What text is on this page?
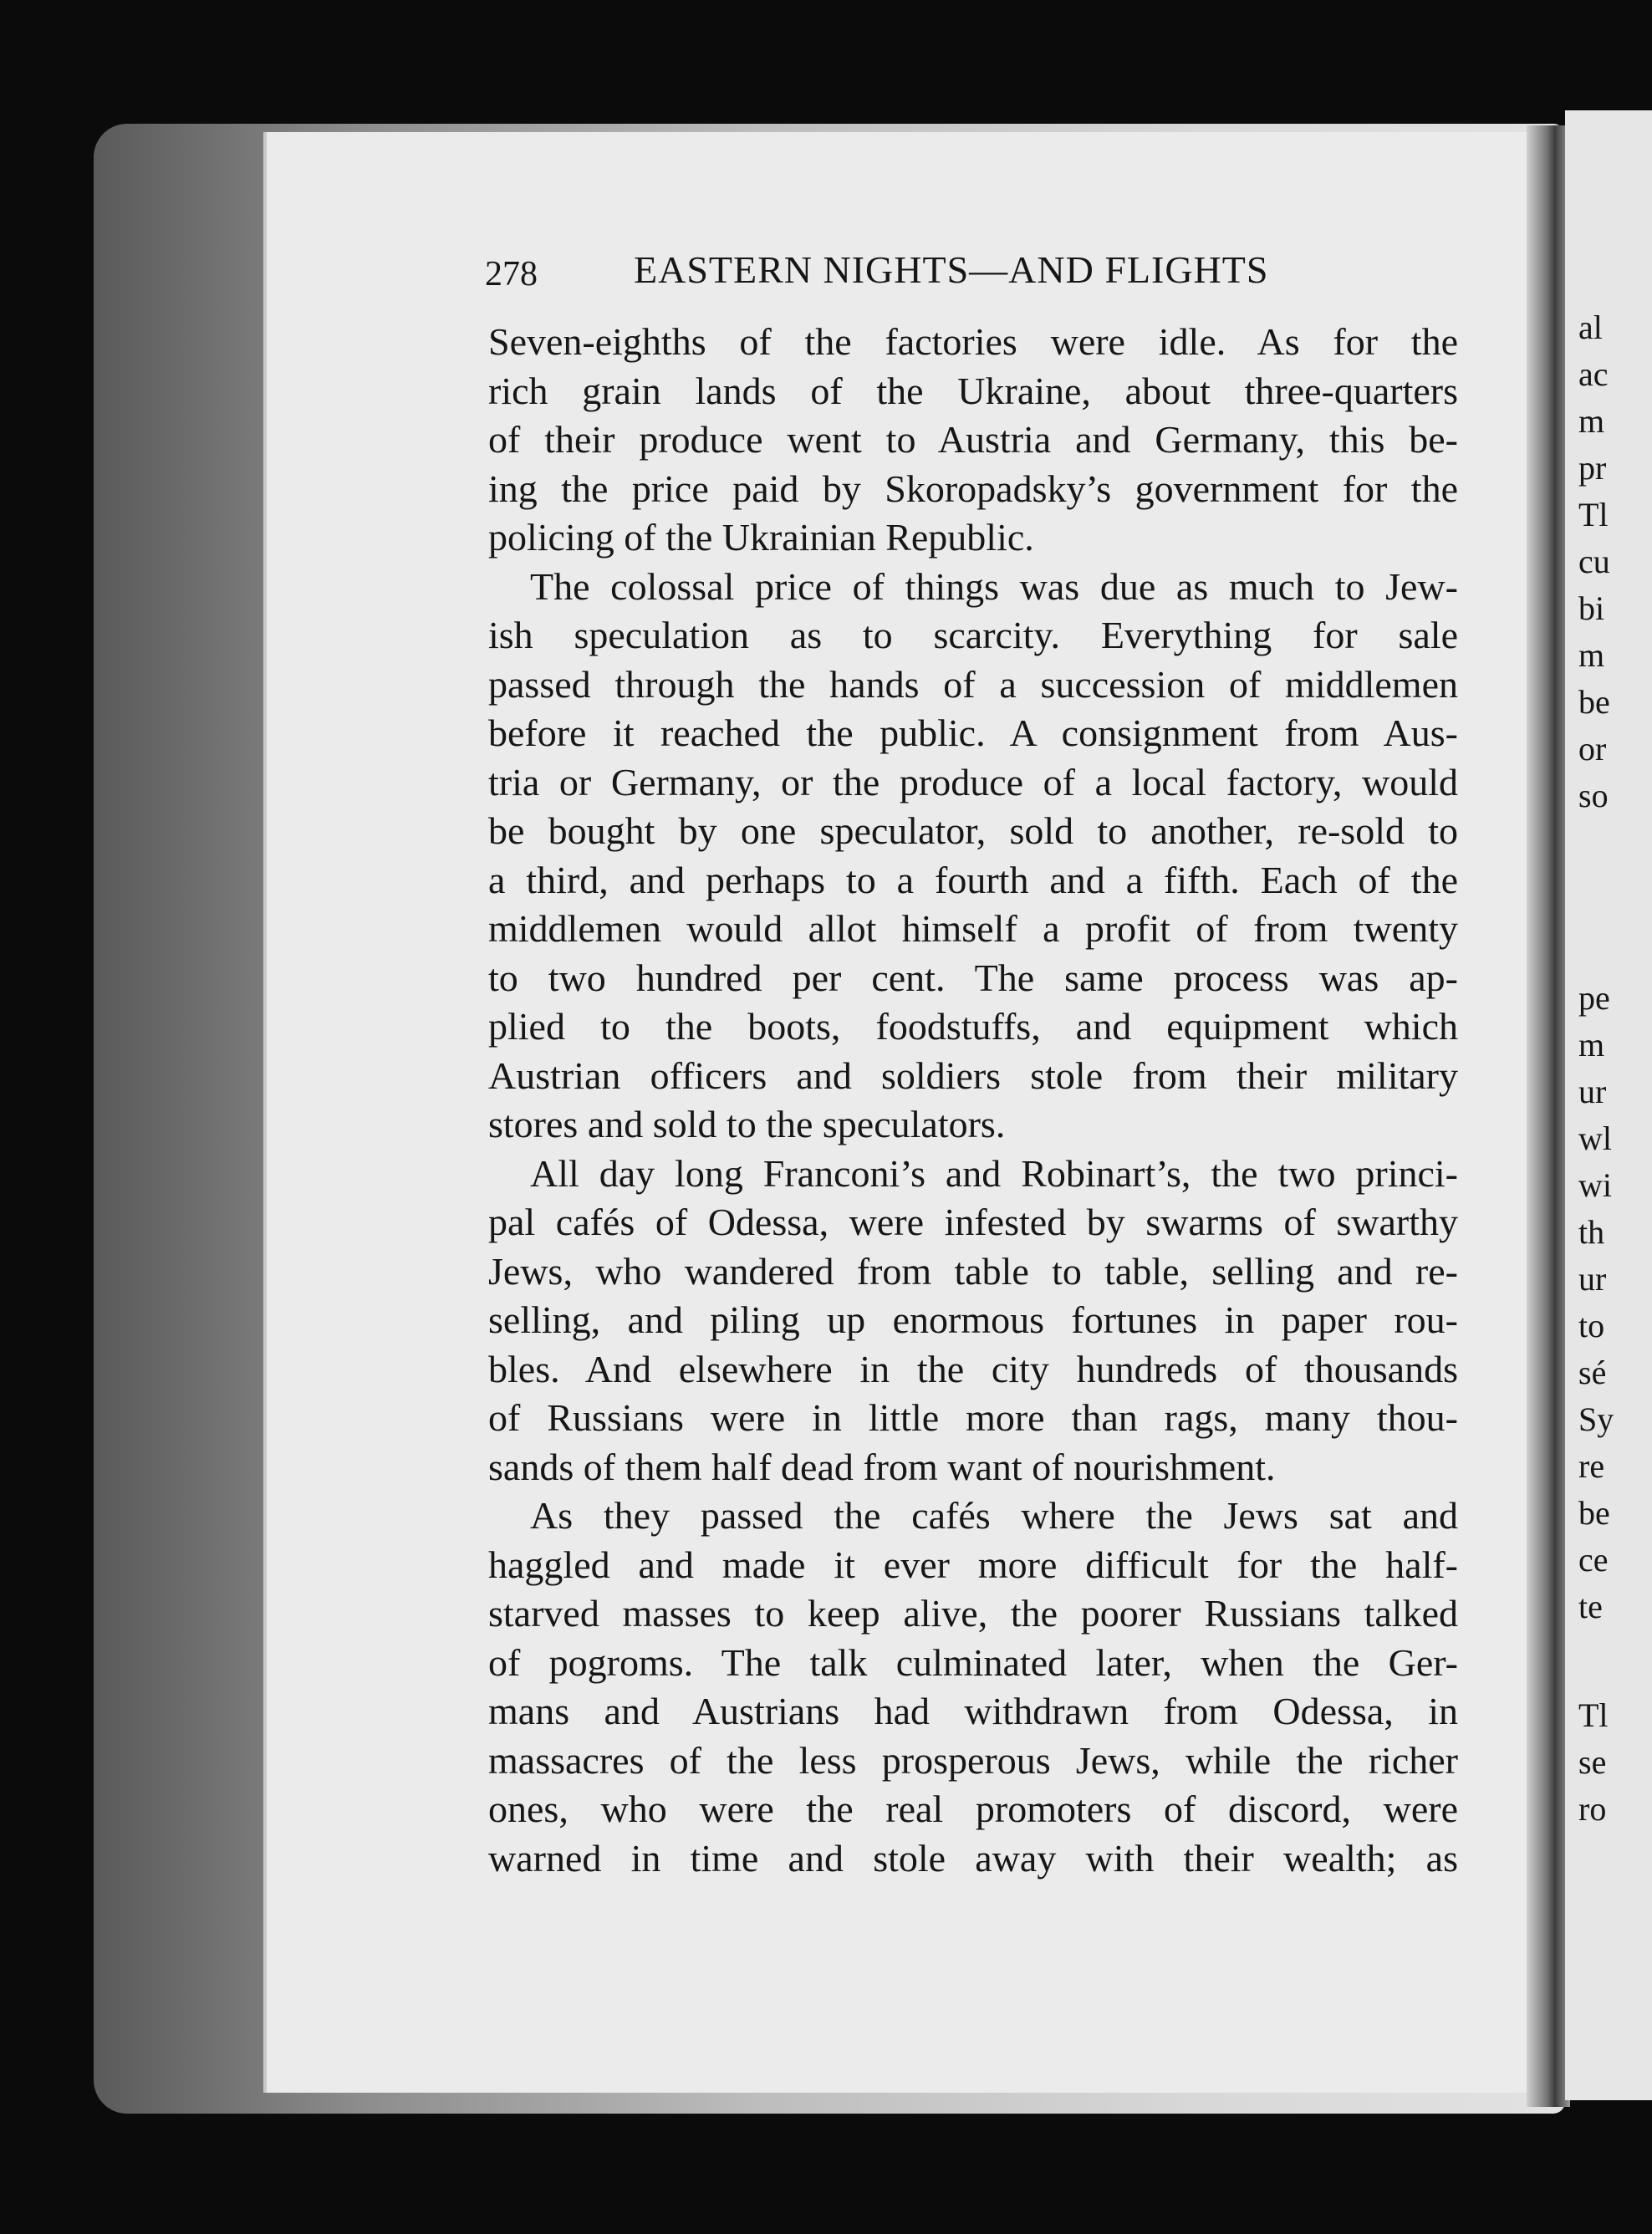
278	EASTERN NIGHTS—AND FLIGHTS
Seven-eighths of the factories were idle. As for the
rich grain lands of the Ukraine, about three-quarters
of their produce went to Austria and Germany, this be-
ing the price paid by Skoropadsky’s government for the
policing of the Ukrainian Republic.
The colossal price of things was due as much to Jew-
ish speculation as to scarcity. Everything for sale
passed through the hands of a succession of middlemen
before it reached the public. A consignment from Aus-
tria or Germany, or the produce of a local factory, would
be bought by one speculator, sold to another, re-sold to
a third, and perhaps to a fourth and a fifth. Each of the
middlemen would allot himself a profit of from twenty
to two hundred per cent. The same process was ap-
plied to the boots, foodstuffs, and equipment which
Austrian officers and soldiers stole from their military
stores and sold to the speculators.
All day long Franconi’s and Robinart’s, the two princi-
pal cafés of Odessa, were infested by swarms of swarthy
Jews, who wandered from table to table, selling and re-
selling, and piling up enormous fortunes in paper rou-
bles. And elsewhere in the city hundreds of thousands
of Russians were in little more than rags, many thou-
sands of them half dead from want of nourishment.
As they passed the cafés where the Jews sat and
haggled and made it ever more difficult for the half-
starved masses to keep alive, the poorer Russians talked
of pogroms. The talk culminated later, when the Ger-
mans and Austrians had withdrawn from Odessa, in
massacres of the less prosperous Jews, while the richer
ones, who were the real promoters of discord, were
warned in time and stole away with their wealth; as
al
ac
m
pr
Tl
cu
bi
m
be
or
so
pe
m
ur
wl
wi
th
ur
to
sé
Sy
re
be
ce
te
Tl
se
ro
